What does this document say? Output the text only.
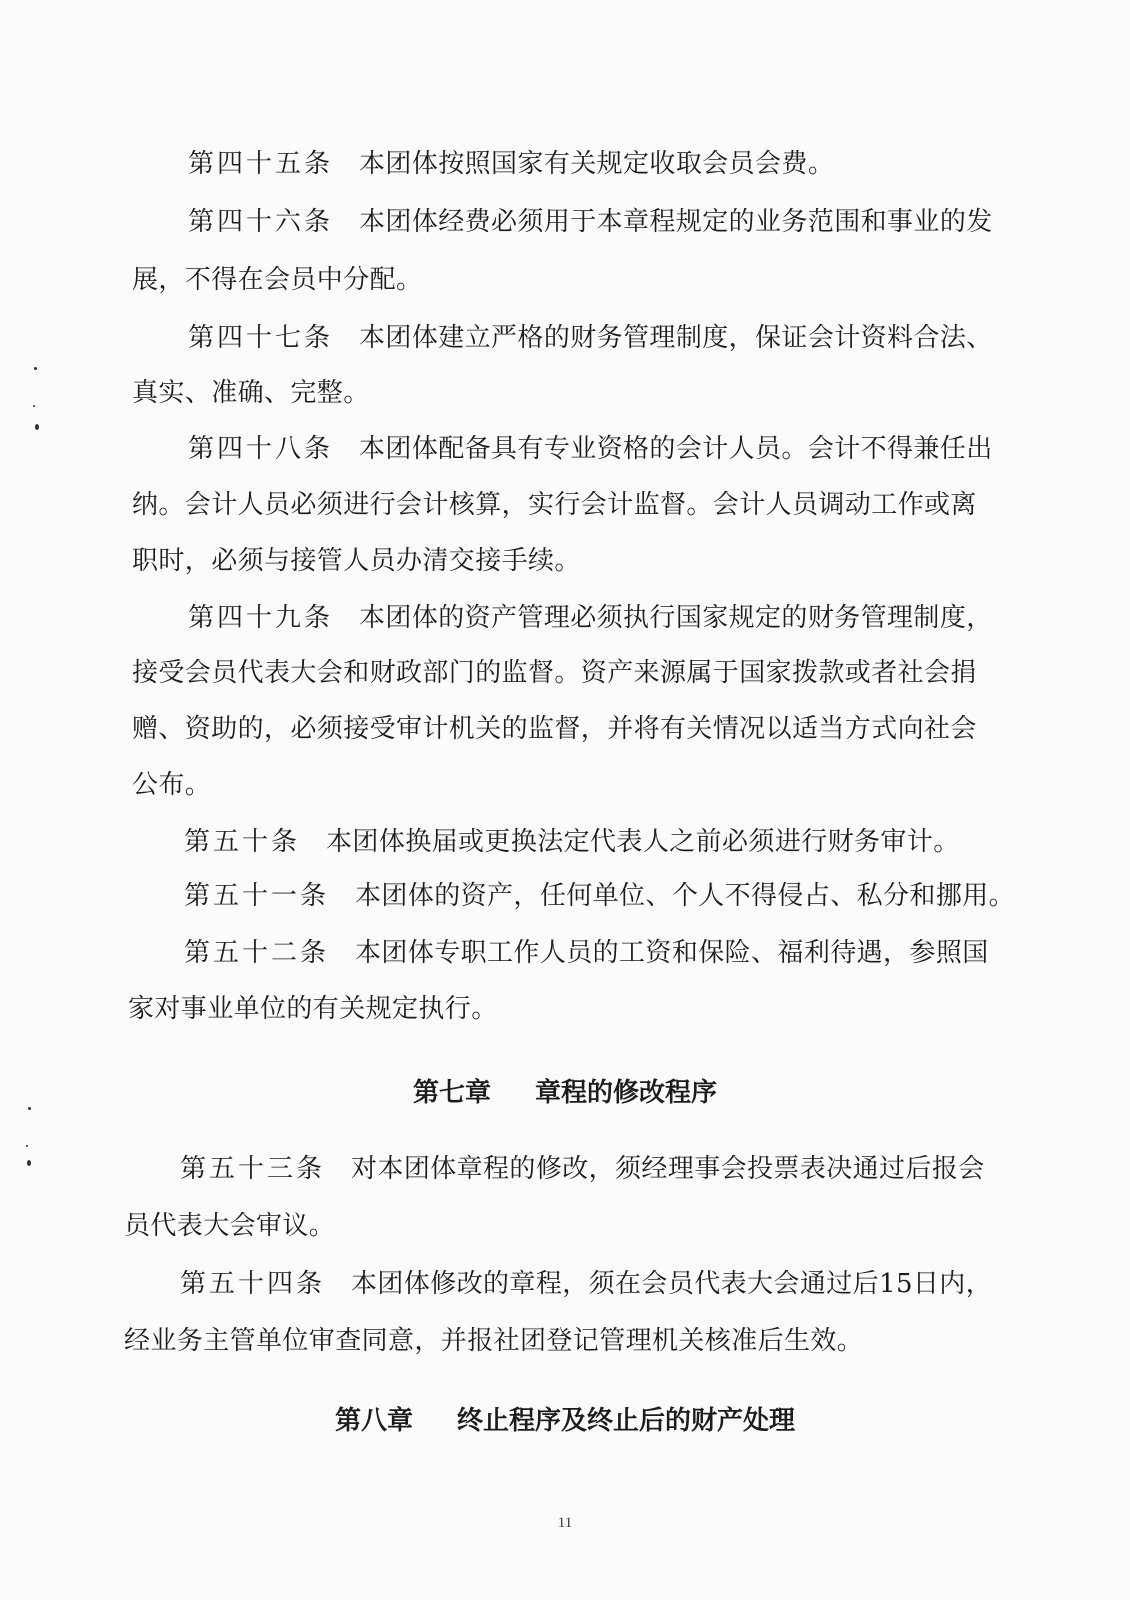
第四十五条 本团体按照国家有关规定收取会员会费。
第四十六条 本团体经费必须用于本章程规定的业务范围和事业的发
展，不得在会员中分配。
第四十七条 本团体建立严格的财务管理制度，保证会计资料合法、
真实、准确、完整。
第四十八条 本团体配备具有专业资格的会计人员。会计不得兼任出
纳。会计人员必须进行会计核算，实行会计监督。会计人员调动工作或离
职时，必须与接管人员办清交接手续。
第四十九条 本团体的资产管理必须执行国家规定的财务管理制度，
接受会员代表大会和财政部门的监督。资产来源属于国家拨款或者社会捐
赠、资助的，必须接受审计机关的监督，并将有关情况以适当方式向社会
公布。
第五十条 本团体换届或更换法定代表人之前必须进行财务审计。
第五十一条 本团体的资产，任何单位、个人不得侵占、私分和挪用。
第五十二条 本团体专职工作人员的工资和保险、福利待遇，参照国
家对事业单位的有关规定执行。
第七章 章程的修改程序
第五十三条 对本团体章程的修改，须经理事会投票表决通过后报会
员代表大会审议。
第五十四条 本团体修改的章程，须在会员代表大会通过后15日内，
经业务主管单位审查同意，并报社团登记管理机关核准后生效。
第八章 终止程序及终止后的财产处理
11
